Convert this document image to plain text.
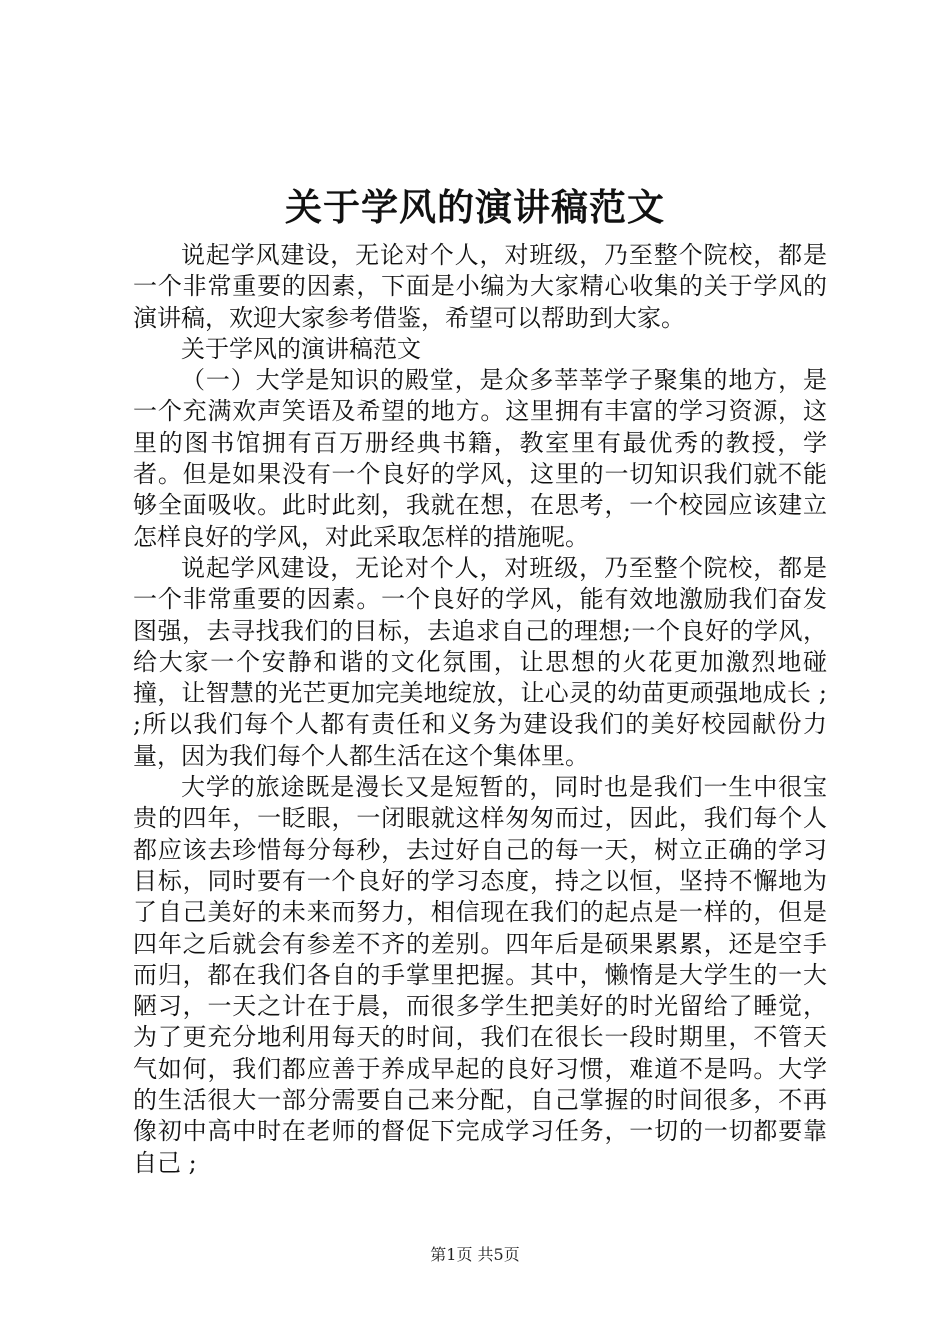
关于学风的演讲稿范文

说起学风建设，无论对个人，对班级，乃至整个院校，都是一个非常重要的因素，下面是小编为大家精心收集的关于学风的演讲稿，欢迎大家参考借鉴，希望可以帮助到大家。

关于学风的演讲稿范文

（一）大学是知识的殿堂，是众多莘莘学子聚集的地方，是一个充满欢声笑语及希望的地方。这里拥有丰富的学习资源，这里的图书馆拥有百万册经典书籍，教室里有最优秀的教授，学者。但是如果没有一个良好的学风，这里的一切知识我们就不能够全面吸收。此时此刻，我就在想，在思考，一个校园应该建立怎样良好的学风，对此采取怎样的措施呢。

说起学风建设，无论对个人，对班级，乃至整个院校，都是一个非常重要的因素。一个良好的学风，能有效地激励我们奋发图强，去寻找我们的目标，去追求自己的理想;一个良好的学风，给大家一个安静和谐的文化氛围，让思想的火花更加激烈地碰撞，让智慧的光芒更加完美地绽放，让心灵的幼苗更顽强地成长 ; ;所以我们每个人都有责任和义务为建设我们的美好校园献份力量，因为我们每个人都生活在这个集体里。

大学的旅途既是漫长又是短暂的，同时也是我们一生中很宝贵的四年，一眨眼，一闭眼就这样匆匆而过，因此，我们每个人都应该去珍惜每分每秒，去过好自己的每一天，树立正确的学习目标，同时要有一个良好的学习态度，持之以恒，坚持不懈地为了自己美好的未来而努力，相信现在我们的起点是一样的，但是四年之后就会有参差不齐的差别。四年后是硕果累累，还是空手而归，都在我们各自的手掌里把握。其中，懒惰是大学生的一大陋习，一天之计在于晨，而很多学生把美好的时光留给了睡觉，为了更充分地利用每天的时间，我们在很长一段时期里，不管天气如何，我们都应善于养成早起的良好习惯，难道不是吗。大学的生活很大一部分需要自己来分配，自己掌握的时间很多，不再像初中高中时在老师的督促下完成学习任务，一切的一切都要靠自己 ;

第1页 共5页
